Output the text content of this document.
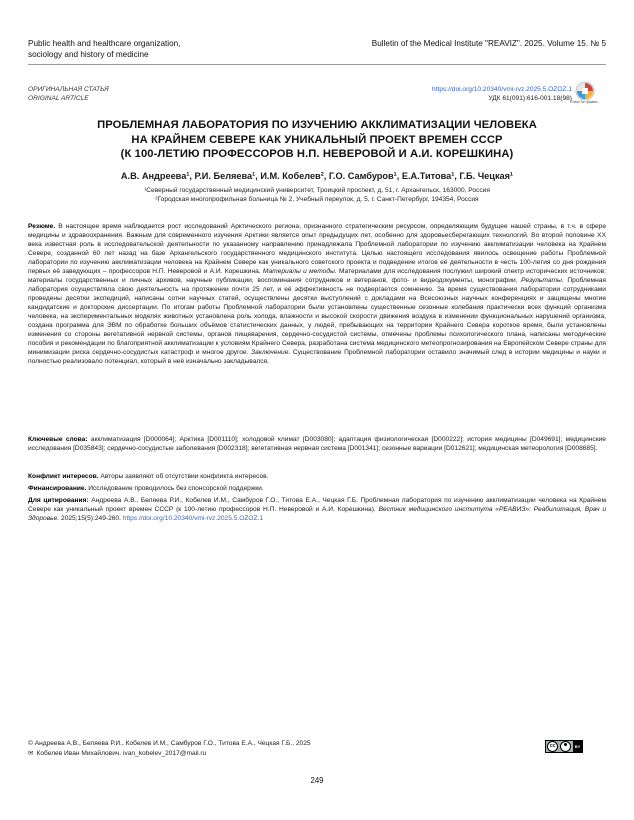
Public health and healthcare organization,
sociology and history of medicine
Bulletin of the Medical Institute "REAVIZ". 2025. Volume 15. № 5
ОРИГИНАЛЬНАЯ СТАТЬЯ
ORIGINAL ARTICLE
https://doi.org/10.20340/vmi-rvz.2025.5.OZOZ.1
УДК 61(091):616-001.18(98)
Check for updates
ПРОБЛЕМНАЯ ЛАБОРАТОРИЯ ПО ИЗУЧЕНИЮ АККЛИМАТИЗАЦИИ ЧЕЛОВЕКА
НА КРАЙНЕМ СЕВЕРЕ КАК УНИКАЛЬНЫЙ ПРОЕКТ ВРЕМЕН СССР
(К 100-ЛЕТИЮ ПРОФЕССОРОВ Н.П. НЕВЕРОВОЙ И А.И. КОРЕШКИНА)
А.В. Андреева¹, Р.И. Беляева¹, И.М. Кобелев², Г.О. Самбуров¹, Е.А.Титова¹, Г.Б. Чецкая¹
¹Северный государственный медицинский университет, Троицкий проспект, д. 51, г. Архангельск, 163000, Россия
²Городская многопрофильная больница № 2, Учебный переулок, д. 5, г. Санкт-Петербург, 194354, Россия
Резюме. В настоящее время наблюдается рост исследований Арктического региона, признанного стратегическим ресурсом, определяющим будущее нашей страны, в т.ч. в сфере медицины и здравоохранения. Важным для современного изучения Арктики является опыт предыдущих лет, особенно для здоровьесберегающих технологий. Во второй половине XX века известная роль в исследовательской деятельности по указанному направлению принадлежала Проблемной лаборатории по изучению акклиматизации человека на Крайнем Севере, созданной 60 лет назад на базе Архангельского государственного медицинского института. Целью настоящего исследования явилось освещение работы Проблемной лаборатории по изучению акклиматизации человека на Крайнем Севере как уникального советского проекта и подведение итогов её деятельности в честь 100-летия со дня рождения первых её заведующих – профессоров Н.П. Неверовой и А.И. Корешкина. Материалы и методы. Материалами для исследования послужил широкий спектр исторических источников: материалы государственных и личных архивов, научные публикации, воспоминания сотрудников и ветеранов, фото- и видеодокументы, монографии. Результаты. Проблемная лаборатория осуществляла свою деятельность на протяжении почти 25 лет, и её эффективность не подвергается сомнению. За время существования лаборатории сотрудниками проведены десятки экспедиций, написаны сотни научных статей, осуществлены десятки выступлений с докладами на Всесоюзных научных конференциях и защищены многие кандидатские и докторские диссертации. По итогам работы Проблемной лаборатории были установлены существенные сезонные колебания практически всех функций организма человека, на экспериментальных моделях животных установлена роль холода, влажности и высокой скорости движения воздуха в изменении функциональных нарушений организма, создана программа для ЭВМ по обработке больших объёмов статистических данных, у людей, пребывающих на территории Крайнего Севера короткое время, были установлены изменения со стороны вегетативной нервной системы, органов пищеварения, сердечно-сосудистой системы, отмечены проблемы психологического плана, написаны методические пособия и рекомендации по благоприятной акклиматизации к условиям Крайнего Севера, разработана система медицинского метеопрогнозирования на Европейском Севере страны для минимизации риска сердечно-сосудистых катастроф и многое другое. Заключение. Существование Проблемной лаборатории оставило значимый след в истории медицины и науки и полностью реализовало потенциал, который в неё изначально закладывался.
Ключевые слова: акклиматизация [D000064]; Арктика [D001110]; холодовой климат [D003080]; адаптация физиологическая [D000222]; история медицины [D049691]; медицинские исследования [D035843]; сердечно-сосудистые заболевания [D002318]; вегетативная нервная система [D001341]; сезонные вариации [D012621]; медицинская метеорология [D008685].
Конфликт интересов. Авторы заявляют об отсутствии конфликта интересов.
Финансирование. Исследование проводилось без спонсорской поддержки.
Для цитирования: Андреева А.В., Беляева Р.И., Кобелев И.М., Самбуров Г.О., Титова Е.А., Чецкая Г.Б. Проблемная лаборатория по изучению акклиматизации человека на Крайнем Севере как уникальный проект времен СССР (к 100-летию профессоров Н.П. Неверовой и А.И. Корешкина). Вестник медицинского института «РЕАВИЗ»: Реабилитация, Врач и Здоровье. 2025;15(5):249-260. https://doi.org/10.20340/vmi-rvz.2025.5.OZOZ.1
© Андреева А.В., Беляева Р.И., Кобелев И.М., Самбуров Г.О., Титова Е.А., Чецкая Г.Б., 2025
✉ Кобелев Иван Михайлович. ivan_kobelev_2017@mail.ru
cc	BY
249
